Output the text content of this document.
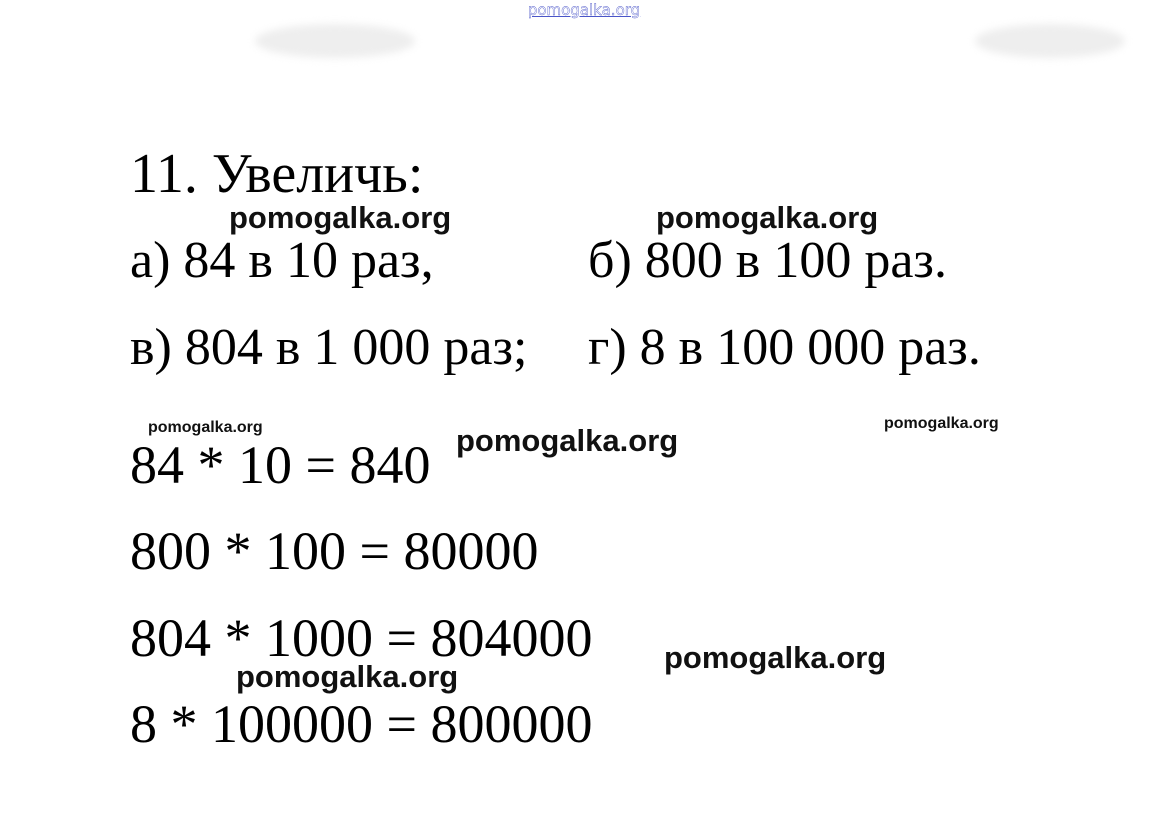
pomogalka.org
11. Увеличь:
pomogalka.org	pomogalka.org
а) 84 в 10 раз,	б) 800 в 100 раз.
в) 804 в 1 000 раз; г) 8 в 100 000 раз.
pomogalka.org	pomogalka.org
pomogalka.org
84 * 10 = 840
800 * 100 = 80000
804 * 1000 = 804000 pomogalka.org
pomogalka.org
8 * 100000 = 800000
